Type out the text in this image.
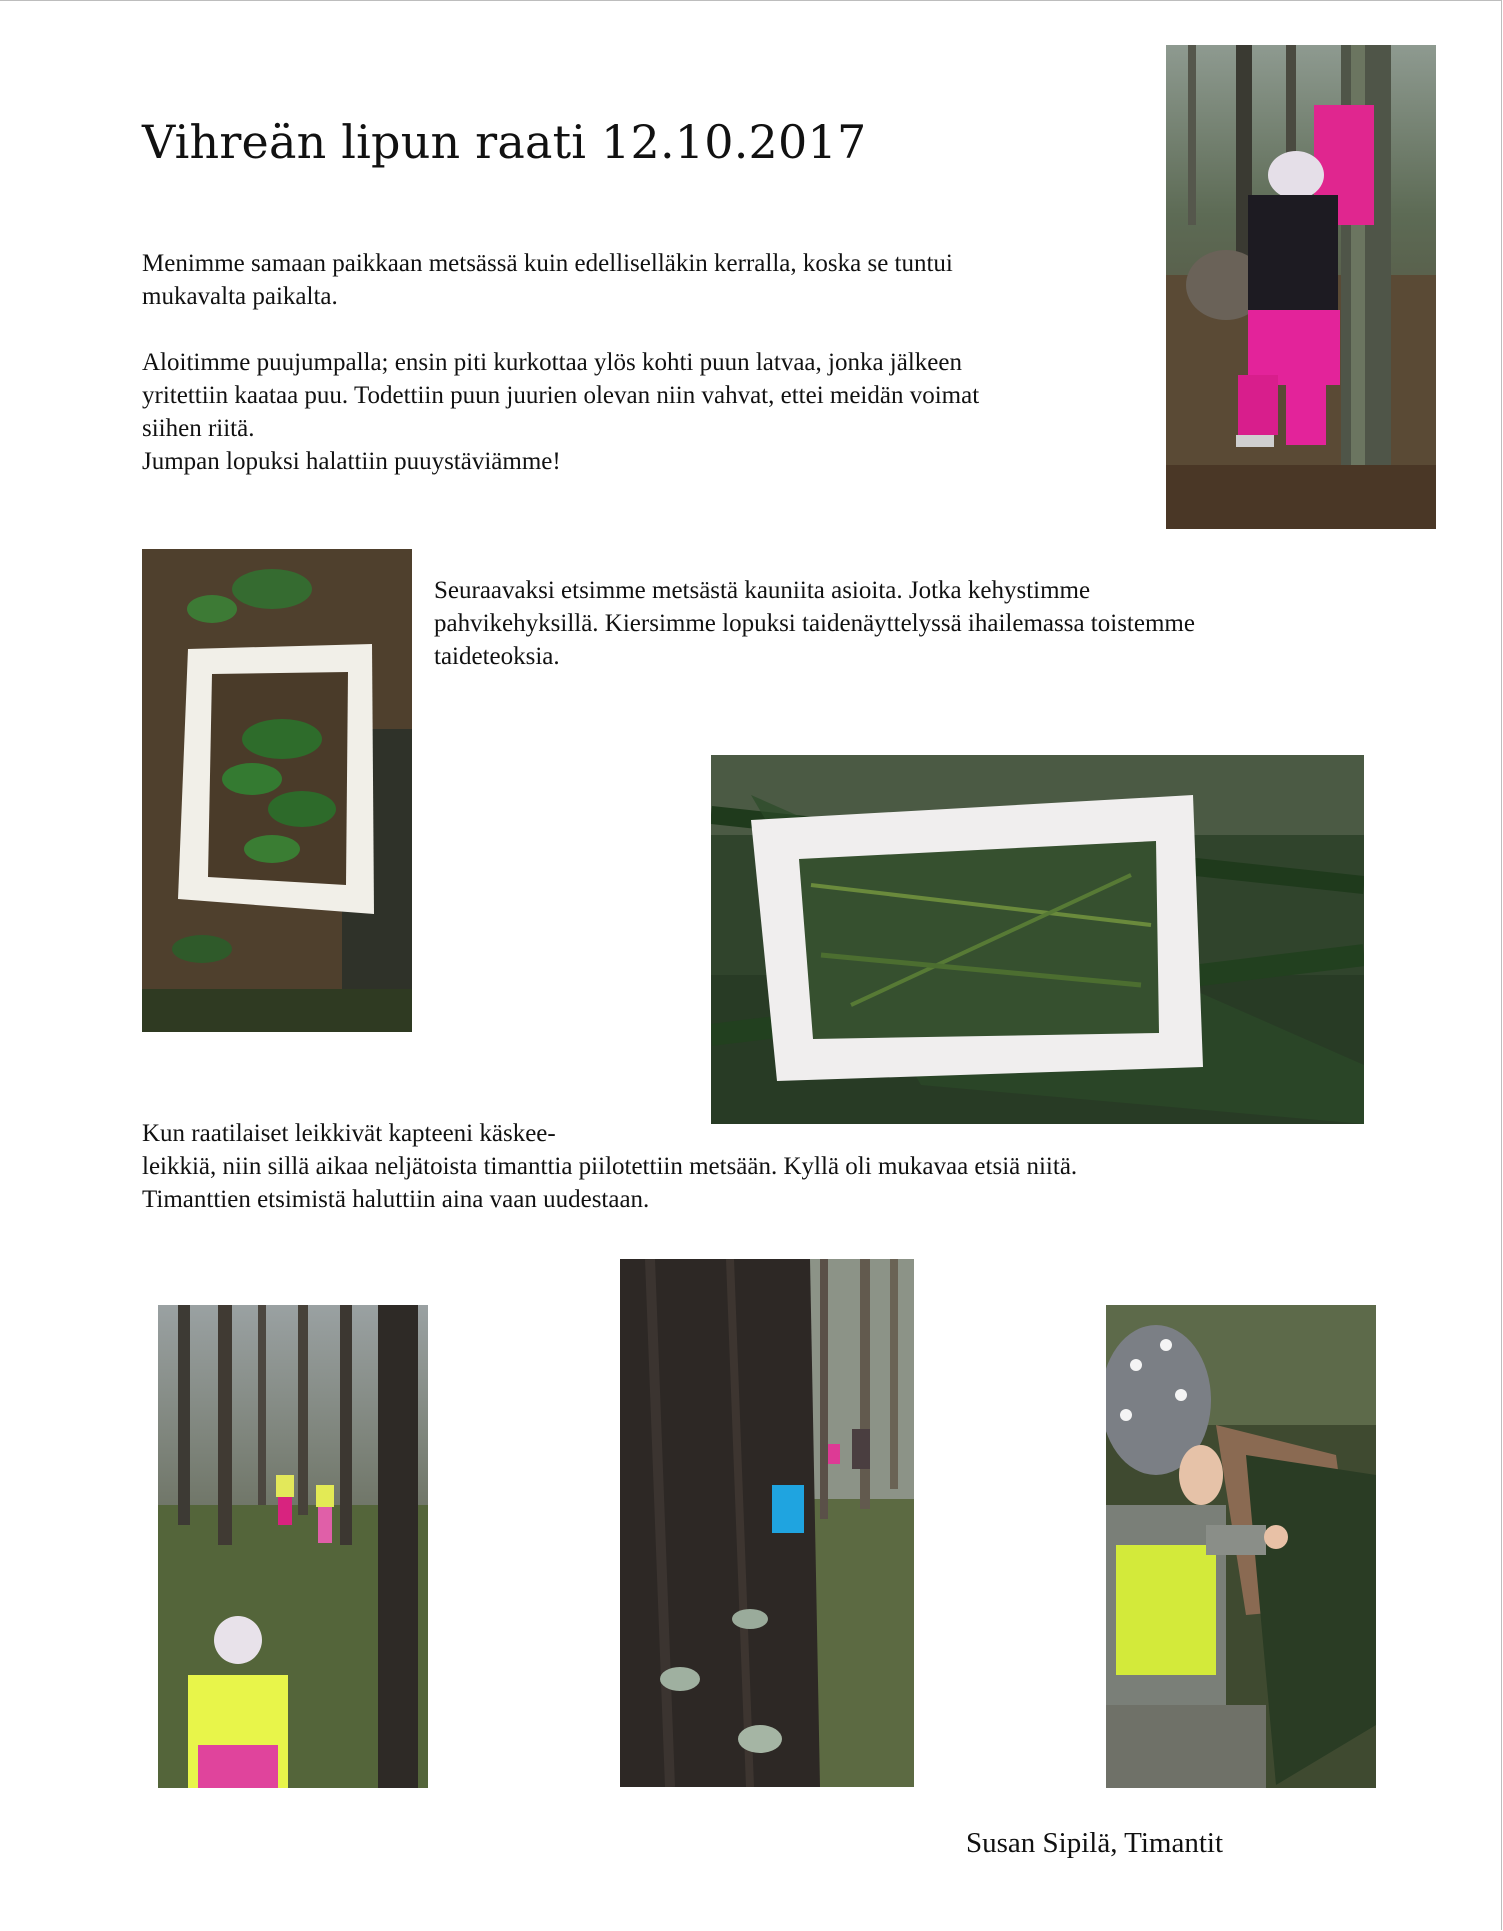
Vihreän lipun raati 12.10.2017
Menimme samaan paikkaan metsässä kuin edellisellä​kin kerralla, koska se tuntui
mukavalta paikalta.
Aloitimme puujumpalla; ensin piti kurkottaa ylös kohti puun latvaa, jonka jälkeen
yritettiin kaataa puu. Todettiin puun juurien olevan niin vahvat, ettei meidän voimat
siihen riitä.
Jumpan lopuksi halattiin puuystäviämme!
Seuraavaksi etsimme metsästä kauniita asioita. Jotka kehystimme
pahvikehyksillä. Kiersimme lopuksi taidenäyttelyssä ihailemassa toistemme
taideteoksia.
Kun raatilaiset leikkivät kapteeni käskee-
leikkiä, niin sillä aikaa neljätoista timanttia piilotettiin metsään. Kyllä oli mukavaa etsiä niitä.
Timanttien etsimistä haluttiin aina vaan uudestaan.

Susan Sipilä, Timantit
